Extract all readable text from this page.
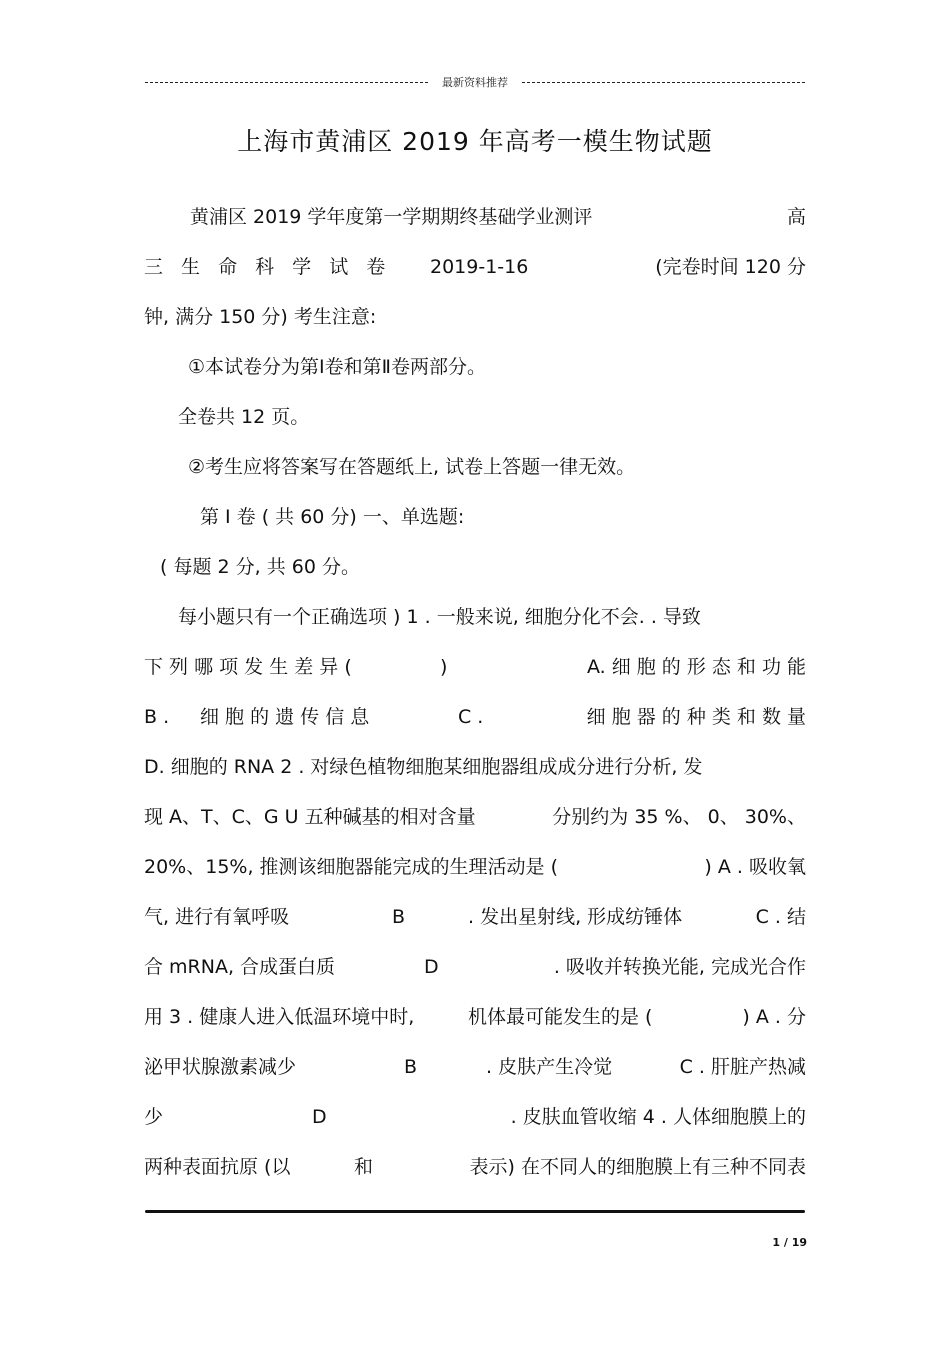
最新资料推荐
上海市黄浦区 2019 年高考一模生物试题
黄浦区 2019 学年度第一学期期终基础学业测评	高
三 生 命 科 学 试 卷 2019-1-16	(完卷时间 120 分
钟, 满分 150 分) 考生注意:
①本试卷分为第Ⅰ卷和第Ⅱ卷两部分。
全卷共 12 页。
②考生应将答案写在答题纸上, 试卷上答题一律无效。
第 Ⅰ 卷 ( 共 60 分) 一、单选题:
( 每题 2 分, 共 60 分。
每小题只有一个正确选项 ) 1 . 一般来说, 细胞分化不会. . 导致
下 列 哪 项 发 生 差 异 (	)	A. 细 胞 的 形 态 和 功 能
B . 细 胞 的 遗 传 信 息	C .	细 胞 器 的 种 类 和 数 量
D. 细胞的 RNA 2 . 对绿色植物细胞某细胞器组成成分进行分析, 发
现 A、T、C、G U 五种碱基的相对含量	分别约为 35 %、 0、 30%、
20%、15%, 推测该细胞器能完成的生理活动是 (	) A . 吸收氧
气, 进行有氧呼吸	B	. 发出星射线, 形成纺锤体	C . 结
合 mRNA, 合成蛋白质	D	. 吸收并转换光能, 完成光合作
用 3 . 健康人进入低温环境中时,	机体最可能发生的是 (	) A . 分
泌甲状腺激素减少	B	. 皮肤产生冷觉	C . 肝脏产热减
少	D	. 皮肤血管收缩 4 . 人体细胞膜上的
两种表面抗原 (以	和	表示) 在不同人的细胞膜上有三种不同表
1 / 19
